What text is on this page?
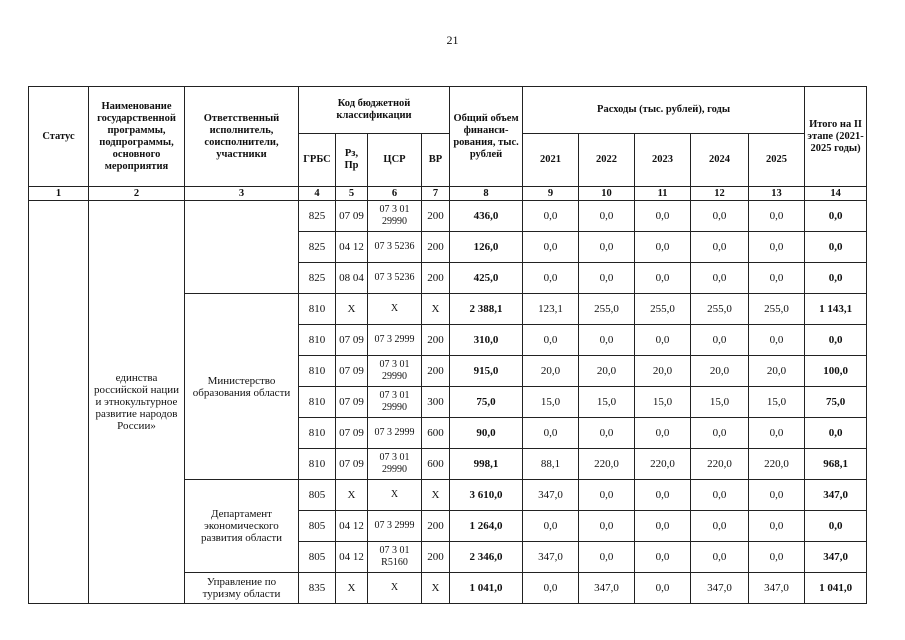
21
Статус	Наименование государственной программы, подпрограммы, основного мероприятия	Ответственный исполнитель, соисполнители, участники	Код бюджетной классификации				Общий объем финанси-рования, тыс. рублей	Расходы (тыс. рублей), годы					Итого на II этапе (2021-2025 годы)
			ГРБС	Рз, Пр	ЦСР	ВР		2021	2022	2023	2024	2025	
1	2	3	4	5	6	7	8	9	10	11	12	13	14
	единства российской нации и этнокультурное развитие народов России»		825	07 09	07 3 01 29990	200	436,0	0,0	0,0	0,0	0,0	0,0	0,0
			825	04 12	07 3 5236	200	126,0	0,0	0,0	0,0	0,0	0,0	0,0
			825	08 04	07 3 5236	200	425,0	0,0	0,0	0,0	0,0	0,0	0,0
		Министерство образования области	810	Х	Х	Х	2 388,1	123,1	255,0	255,0	255,0	255,0	1 143,1
			810	07 09	07 3 2999	200	310,0	0,0	0,0	0,0	0,0	0,0	0,0
			810	07 09	07 3 01 29990	200	915,0	20,0	20,0	20,0	20,0	20,0	100,0
			810	07 09	07 3 01 29990	300	75,0	15,0	15,0	15,0	15,0	15,0	75,0
			810	07 09	07 3 2999	600	90,0	0,0	0,0	0,0	0,0	0,0	0,0
			810	07 09	07 3 01 29990	600	998,1	88,1	220,0	220,0	220,0	220,0	968,1
		Департамент экономического развития области	805	Х	Х	Х	3 610,0	347,0	0,0	0,0	0,0	0,0	347,0
			805	04 12	07 3 2999	200	1 264,0	0,0	0,0	0,0	0,0	0,0	0,0
			805	04 12	07 3 01 R5160	200	2 346,0	347,0	0,0	0,0	0,0	0,0	347,0
		Управление по туризму области	835	Х	Х	Х	1 041,0	0,0	347,0	0,0	347,0	347,0	1 041,0
